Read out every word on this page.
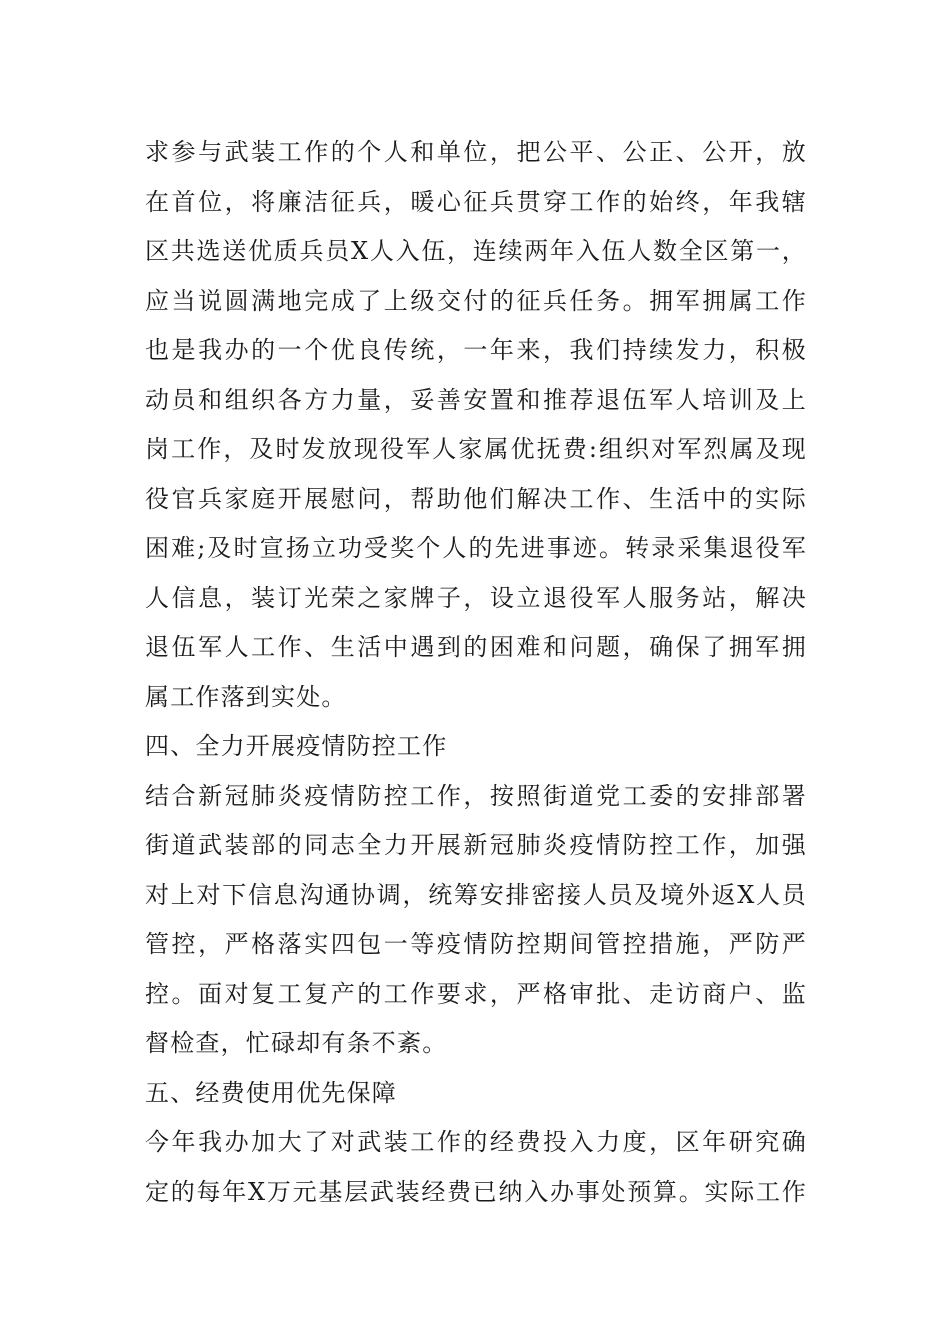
求参与武装工作的个人和单位，把公平、公正、公开，放
在首位，将廉洁征兵，暖心征兵贯穿工作的始终，年我辖
区共选送优质兵员X人入伍，连续两年入伍人数全区第一，
应当说圆满地完成了上级交付的征兵任务。拥军拥属工作
也是我办的一个优良传统，一年来，我们持续发力，积极
动员和组织各方力量，妥善安置和推荐退伍军人培训及上
岗工作，及时发放现役军人家属优抚费:组织对军烈属及现
役官兵家庭开展慰问，帮助他们解决工作、生活中的实际
困难;及时宣扬立功受奖个人的先进事迹。转录采集退役军
人信息，装订光荣之家牌子，设立退役军人服务站，解决
退伍军人工作、生活中遇到的困难和问题，确保了拥军拥
属工作落到实处。
四、全力开展疫情防控工作
结合新冠肺炎疫情防控工作，按照街道党工委的安排部署
街道武装部的同志全力开展新冠肺炎疫情防控工作，加强
对上对下信息沟通协调，统筹安排密接人员及境外返X人员
管控，严格落实四包一等疫情防控期间管控措施，严防严
控。面对复工复产的工作要求，严格审批、走访商户、监
督检查，忙碌却有条不紊。
五、经费使用优先保障
今年我办加大了对武装工作的经费投入力度，区年研究确
定的每年X万元基层武装经费已纳入办事处预算。实际工作
